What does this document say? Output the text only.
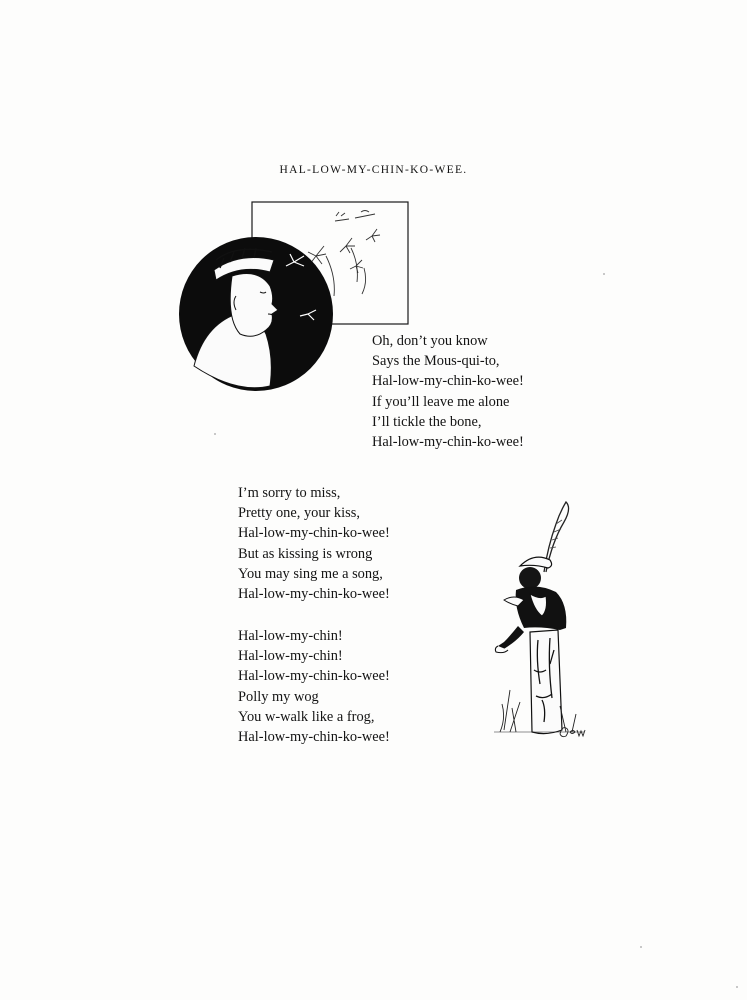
HAL-LOW-MY-CHIN-KO-WEE.
Oh, don’t you know
Says the Mous-qui-to,
Hal-low-my-chin-ko-wee!
If you’ll leave me alone
I’ll tickle the bone,
Hal-low-my-chin-ko-wee!
I’m sorry to miss,
Pretty one, your kiss,
Hal-low-my-chin-ko-wee!
But as kissing is wrong
You may sing me a song,
Hal-low-my-chin-ko-wee!
Hal-low-my-chin!
Hal-low-my-chin!
Hal-low-my-chin-ko-wee!
Polly my wog
You w-walk like a frog,
Hal-low-my-chin-ko-wee!
